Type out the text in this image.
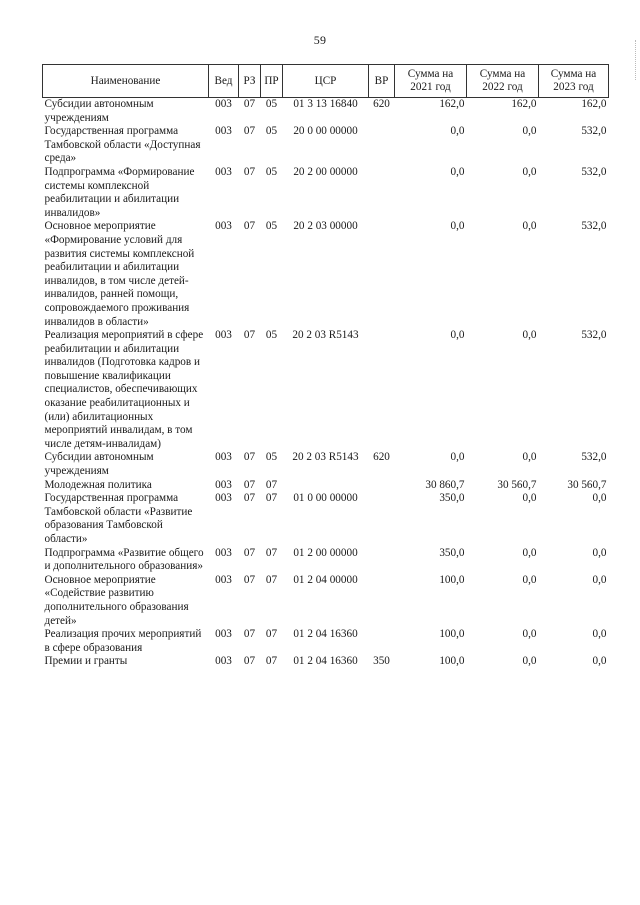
59
Наименование	Вед	РЗ	ПР	ЦСР	ВР	Сумма на 2021 год	Сумма на 2022 год	Сумма на 2023 год
Субсидии автономным учреждениям	003	07	05	01 3 13 16840	620	162,0	162,0	162,0
Государственная программа Тамбовской области «Доступная среда»	003	07	05	20 0 00 00000		0,0	0,0	532,0
Подпрограмма «Формирование системы комплексной реабилитации и абилитации инвалидов»	003	07	05	20 2 00 00000		0,0	0,0	532,0
Основное мероприятие «Формирование условий для развития системы комплексной реабилитации и абилитации инвалидов, в том числе детей-инвалидов, ранней помощи, сопровождаемого проживания инвалидов в области»	003	07	05	20 2 03 00000		0,0	0,0	532,0
Реализация мероприятий в сфере реабилитации и абилитации инвалидов (Подготовка кадров и повышение квалификации специалистов, обеспечивающих оказание реабилитационных и (или) абилитационных мероприятий инвалидам, в том числе детям-инвалидам)	003	07	05	20 2 03 R5143		0,0	0,0	532,0
Субсидии автономным учреждениям	003	07	05	20 2 03 R5143	620	0,0	0,0	532,0
Молодежная политика	003	07	07			30 860,7	30 560,7	30 560,7
Государственная программа Тамбовской области «Развитие образования Тамбовской области»	003	07	07	01 0 00 00000		350,0	0,0	0,0
Подпрограмма «Развитие общего и дополнительного образования»	003	07	07	01 2 00 00000		350,0	0,0	0,0
Основное мероприятие «Содействие развитию дополнительного образования детей»	003	07	07	01 2 04 00000		100,0	0,0	0,0
Реализация прочих мероприятий в сфере образования	003	07	07	01 2 04 16360		100,0	0,0	0,0
Премии и гранты	003	07	07	01 2 04 16360	350	100,0	0,0	0,0
